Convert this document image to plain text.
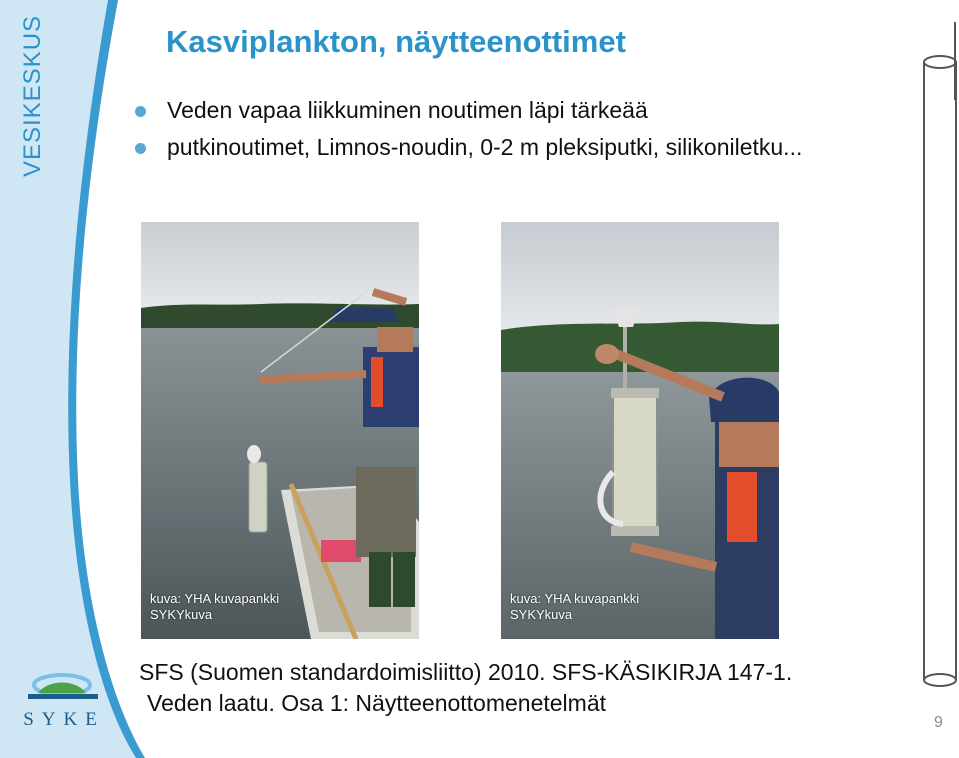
VESIKESKUS
SYKE
Kasviplankton, näytteenottimet
Veden vapaa liikkuminen noutimen läpi tärkeää
putkinoutimet, Limnos-noudin, 0-2 m pleksiputki, silikoniletku...
kuva: YHA kuvapankki
SYKYkuva
kuva: YHA kuvapankki
SYKYkuva
SFS (Suomen standardoimisliitto) 2010. SFS-KÄSIKIRJA 147-1.
Veden laatu. Osa 1: Näytteenottomenetelmät
9
